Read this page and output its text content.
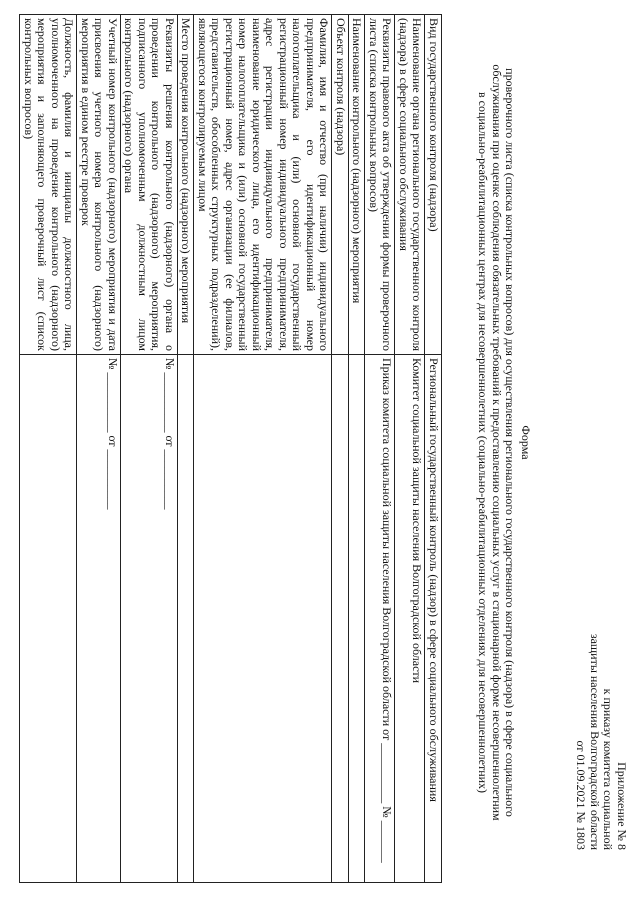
Приложение № 8
к приказу комитета социальной
защиты населения Волгоградской области
от 01.09.2021 № 1803
Форма
проверочного листа (списка контрольных вопросов) для осуществления регионального государственного контроля (надзора) в сфере социального
обслуживания при оценке соблюдения обязательных требований к предоставлению социальных услуг в стационарной форме несовершеннолетним
в социально-реабилитационных центрах для несовершеннолетних (социально-реабилитационных отделениях для несовершеннолетних)
Вид государственного контроля (надзора)	Региональный государственный контроль (надзор) в сфере социального обслуживания
Наименование органа регионального государственного контроля (надзора) в сфере социального обслуживания	Комитет социальной защиты населения Волгоградской области
Реквизиты правового акта об утверждении формы проверочного листа (списка контрольных вопросов)	Приказ комитета социальной защиты населения Волгоградской области от __________ № _______
Наименование контрольного (надзорного) мероприятия	
Объект контроля (надзора)	
Фамилия, имя и отчество (при наличии) индивидуального предпринимателя, его идентификационный номер налогоплательщика и (или) основной государственный регистрационный номер индивидуального предпринимателя, адрес регистрации индивидуального предпринимателя, наименование юридического лица, его идентификационный номер налогоплательщика и (или) основной государственный регистрационный номер, адрес организации (ее филиалов, представительств, обособленных структурных подразделений), являющегося контролируемым лицом	
Место проведения контрольного (надзорного) мероприятия	
Реквизиты решения контрольного (надзорного) органа о проведении контрольного (надзорного) мероприятия, подписанного уполномоченным должностным лицом контрольного (надзорного) органа	№ __________ от __________
Учетный номер контрольного (надзорного) мероприятия и дата присвоения учетного номера контрольного (надзорного) мероприятия в едином реестре проверок	№ __________ от __________
Должность, фамилия и инициалы должностного лица, уполномоченного на проведение контрольного (надзорного) мероприятия и заполняющего проверочный лист (список контрольных вопросов)	
